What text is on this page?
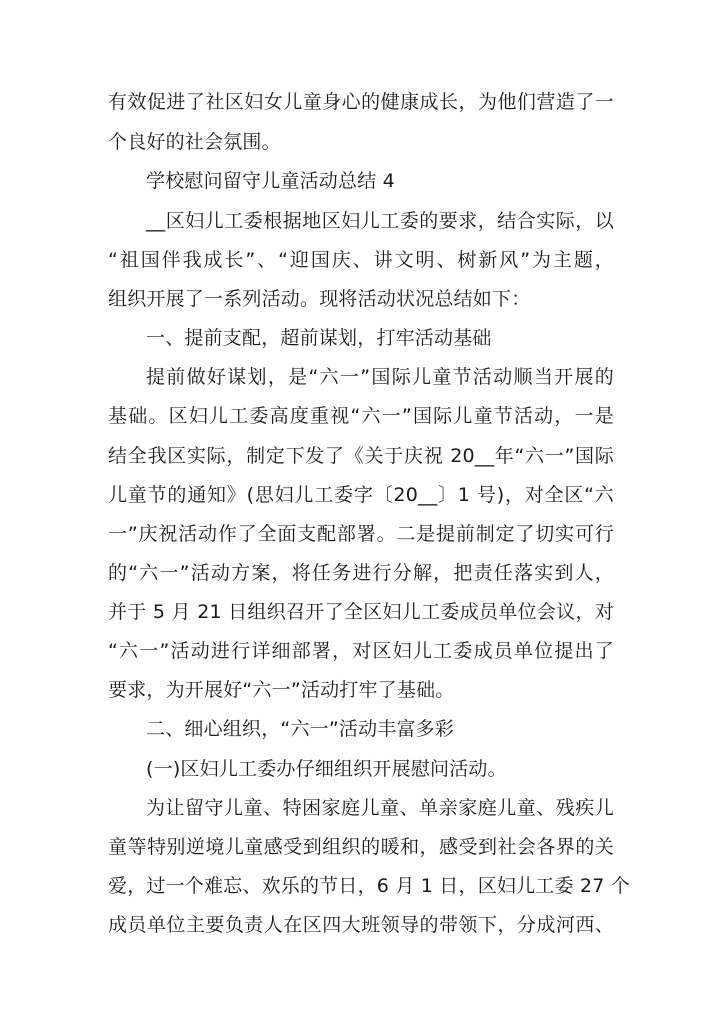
有效促进了社区妇女儿童身心的健康成长，为他们营造了一
个良好的社会氛围。
学校慰问留守儿童活动总结 4
__区妇儿工委根据地区妇儿工委的要求，结合实际，以
“祖国伴我成长”、“迎国庆、讲文明、树新风”为主题，
组织开展了一系列活动。现将活动状况总结如下：
一、提前支配，超前谋划，打牢活动基础
提前做好谋划，是“六一”国际儿童节活动顺当开展的
基础。区妇儿工委高度重视“六一”国际儿童节活动，一是
结全我区实际，制定下发了《关于庆祝 20__年“六一”国际
儿童节的通知》(思妇儿工委字〔20__〕1 号)，对全区“六
一”庆祝活动作了全面支配部署。二是提前制定了切实可行
的“六一”活动方案，将任务进行分解，把责任落实到人，
并于 5 月 21 日组织召开了全区妇儿工委成员单位会议，对
“六一”活动进行详细部署，对区妇儿工委成员单位提出了
要求，为开展好“六一”活动打牢了基础。
二、细心组织，“六一”活动丰富多彩
(一)区妇儿工委办仔细组织开展慰问活动。
为让留守儿童、特困家庭儿童、单亲家庭儿童、残疾儿
童等特别逆境儿童感受到组织的暖和，感受到社会各界的关
爱，过一个难忘、欢乐的节日，6 月 1 日，区妇儿工委 27 个
成员单位主要负责人在区四大班领导的带领下，分成河西、
